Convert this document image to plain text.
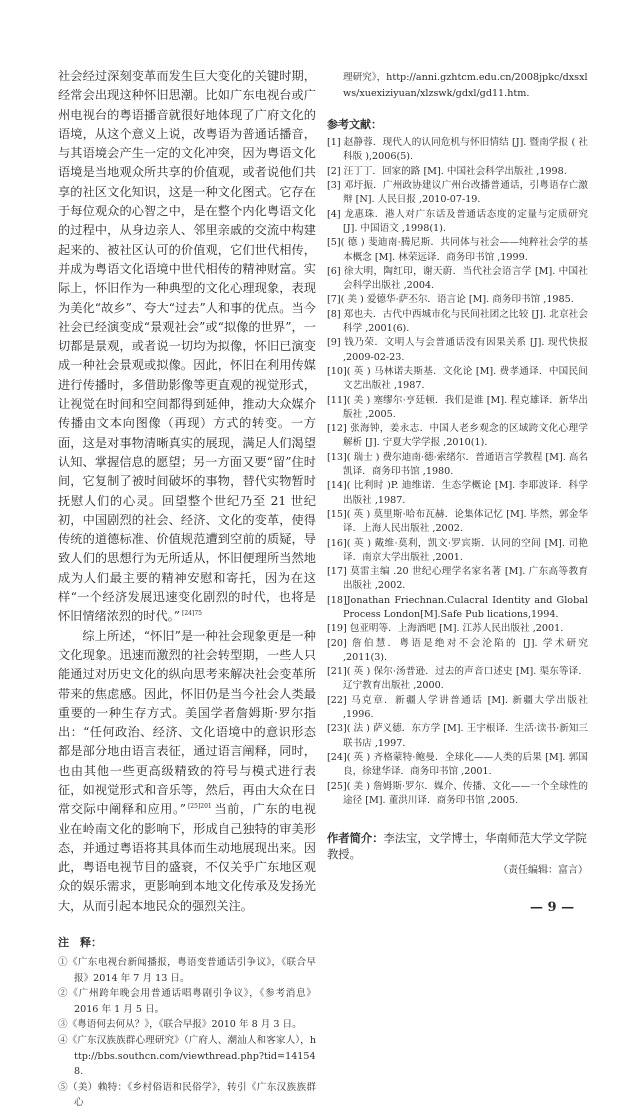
社会经过深刻变革而发生巨大变化的关键时期，经常会出现这种怀旧思潮。比如广东电视台或广州电视台的粤语播音就很好地体现了广府文化的语境，从这个意义上说，改粤语为普通话播音，与其语境会产生一定的文化冲突，因为粤语文化语境是当地观众所共享的价值观，或者说他们共享的社区文化知识，这是一种文化图式。它存在于每位观众的心智之中，是在整个内化粤语文化的过程中，从身边亲人、邻里亲戚的交流中构建起来的、被社区认可的价值观，它们世代相传，并成为粤语文化语境中世代相传的精神财富。实际上，怀旧作为一种典型的文化心理现象，表现为美化“故乡”、夸大“过去”人和事的优点。当今社会已经演变成“景观社会”或“拟像的世界”，一切都是景观，或者说一切均为拟像，怀旧已演变成一种社会景观或拟像。因此，怀旧在利用传媒进行传播时，多借助影像等更直观的视觉形式，让视觉在时间和空间都得到延伸，推动大众媒介传播由文本向图像（再现）方式的转变。一方面，这是对事物清晰真实的展现，满足人们渴望认知、掌握信息的愿望；另一方面又要“留”住时间，它复制了被时间破坏的事物，替代实物暂时抚慰人们的心灵。回望整个世纪乃至 21 世纪初，中国剧烈的社会、经济、文化的变革，使得传统的道德标准、价值规范遭到空前的质疑，导致人们的思想行为无所适从，怀旧便理所当然地成为人们最主要的精神安慰和寄托，因为在这样“一个经济发展迅速变化剧烈的时代，也将是怀旧情绪浓烈的时代。” $^{[24]75}$

综上所述，“怀旧”是一种社会现象更是一种文化现象。迅速而激烈的社会转型期，一些人只能通过对历史文化的纵向思考来解决社会变革所带来的焦虑感。因此，怀旧仍是当今社会人类最重要的一种生存方式。美国学者詹姆斯·罗尔指出：“任何政治、经济、文化语境中的意识形态都是部分地由语言表征，通过语言阐释，同时，也由其他一些更高级精致的符号与模式进行表征，如视觉形式和音乐等，然后，再由大众在日常交际中阐释和应用。” $^{[25]201}$ 当前，广东的电视业在岭南文化的影响下，形成自己独特的审美形态，并通过粤语将其具体而生动地展现出来。因此，粤语电视节目的盛衰，不仅关乎广东地区观众的娱乐需求，更影响到本地文化传承及发扬光大，从而引起本地民众的强烈关注。

注　释：

①《广东电视台新闻播报，粤语变普通话引争议》，《联合早报》2014 年 7 月 13 日。

②《广州跨年晚会用普通话唱粤剧引争议》，《参考消息》2016 年 1 月 5 日。

③《粤语何去何从？》，《联合早报》2010 年 8 月 3 日。

④《广东汉族族群心理研究》（广府人、潮汕人和客家人），http://bbs.southcn.com/viewthread.php?tid=141548.

⑤（美）赖特：《乡村俗语和民俗学》，转引《广东汉族族群心

理研究》，http://anni.gzhtcm.edu.cn/2008jpkc/dxsxlws/xuexiziyuan/xlzswk/gdxl/gd11.htm.

参考文献：

[1] 赵静蓉．现代人的认同危机与怀旧情结 [J]. 暨南学报 ( 社科版 ),2006(5).

[2] 汪丁丁．回家的路 [M]. 中国社会科学出版社 ,1998.

[3] 邓圩振．广州政协建议广州台改播普通话，引粤语存亡激辩 [N]. 人民日报 ,2010-07-19.

[4] 龙惠珠．港人对广东话及普通话态度的定量与定质研究 [J]. 中国语文 ,1998(1).

[5]( 德 ) 斐迪南·腾尼斯．共同体与社会——纯粹社会学的基本概念 [M]. 林荣远译．商务印书馆 ,1999.

[6] 徐大明，陶红印，谢天蔚．当代社会语言学 [M]. 中国社会科学出版社 ,2004.

[7]( 美 ) 爱德华·萨丕尔．语言论 [M]. 商务印书馆 ,1985.

[8] 郑也夫．古代中西城市化与民间社团之比较 [J]. 北京社会科学 ,2001(6).

[9] 钱乃荣．文明人与会普通话没有因果关系 [J]. 现代快报 ,2009-02-23.

[10]( 英 ) 马林诺夫斯基．文化论 [M]. 费孝通译．中国民间文艺出版社 ,1987.

[11]( 美 ) 塞缪尔·亨廷顿．我们是谁 [M]. 程克雄译．新华出版社 ,2005.

[12] 张海钟，姜永志．中国人老乡观念的区域跨文化心理学解析 [J]. 宁夏大学学报 ,2010(1).

[13]( 瑞士 ) 费尔迪南·德·索绪尔．普通语言学教程 [M]. 高名凯译．商务印书馆 ,1980.

[14]( 比利时 )P. 迪维诺．生态学概论 [M]. 李耶波译．科学出版社 ,1987.

[15]( 英 ) 莫里斯·哈布瓦赫．论集体记忆 [M]. 毕然，郭金华译．上海人民出版社 ,2002.

[16]( 英 ) 戴维·莫利，凯文·罗宾斯．认同的空间 [M]. 司艳译．南京大学出版社 ,2001.

[17] 莫雷主编 .20 世纪心理学名家名著 [M]. 广东高等教育出版社 ,2002.

[18]Jonathan Friechnan.Culacral Identity and Global Process London[M].Safe Pub lications,1994.

[19] 包亚明等．上海酒吧 [M]. 江苏人民出版社 ,2001.

[20] 詹伯慧．粤语是绝对不会沦陷的 [J]. 学术研究 ,2011(3).

[21]( 英 ) 保尔·汤普逊．过去的声音口述史 [M]. 渠东等译．辽宁教育出版社 ,2000.

[22] 马克章．新疆人学讲普通话 [M]. 新疆大学出版社 ,1996.

[23]( 法 ) 萨义德．东方学 [M]. 王宇根译．生活·读书·新知三联书店 ,1997.

[24]( 英 ) 齐格蒙特·鲍曼．全球化——人类的后果 [M]. 郭国良，徐建华译．商务印书馆 ,2001.

[25]( 美 ) 詹姆斯·罗尔．媒介、传播、文化——一个全球性的途径 [M]. 董洪川译．商务印书馆 ,2005.

作者简介：李法宝，文学博士，华南师范大学文学院教授。
（责任编辑：富言）
— 9 —
